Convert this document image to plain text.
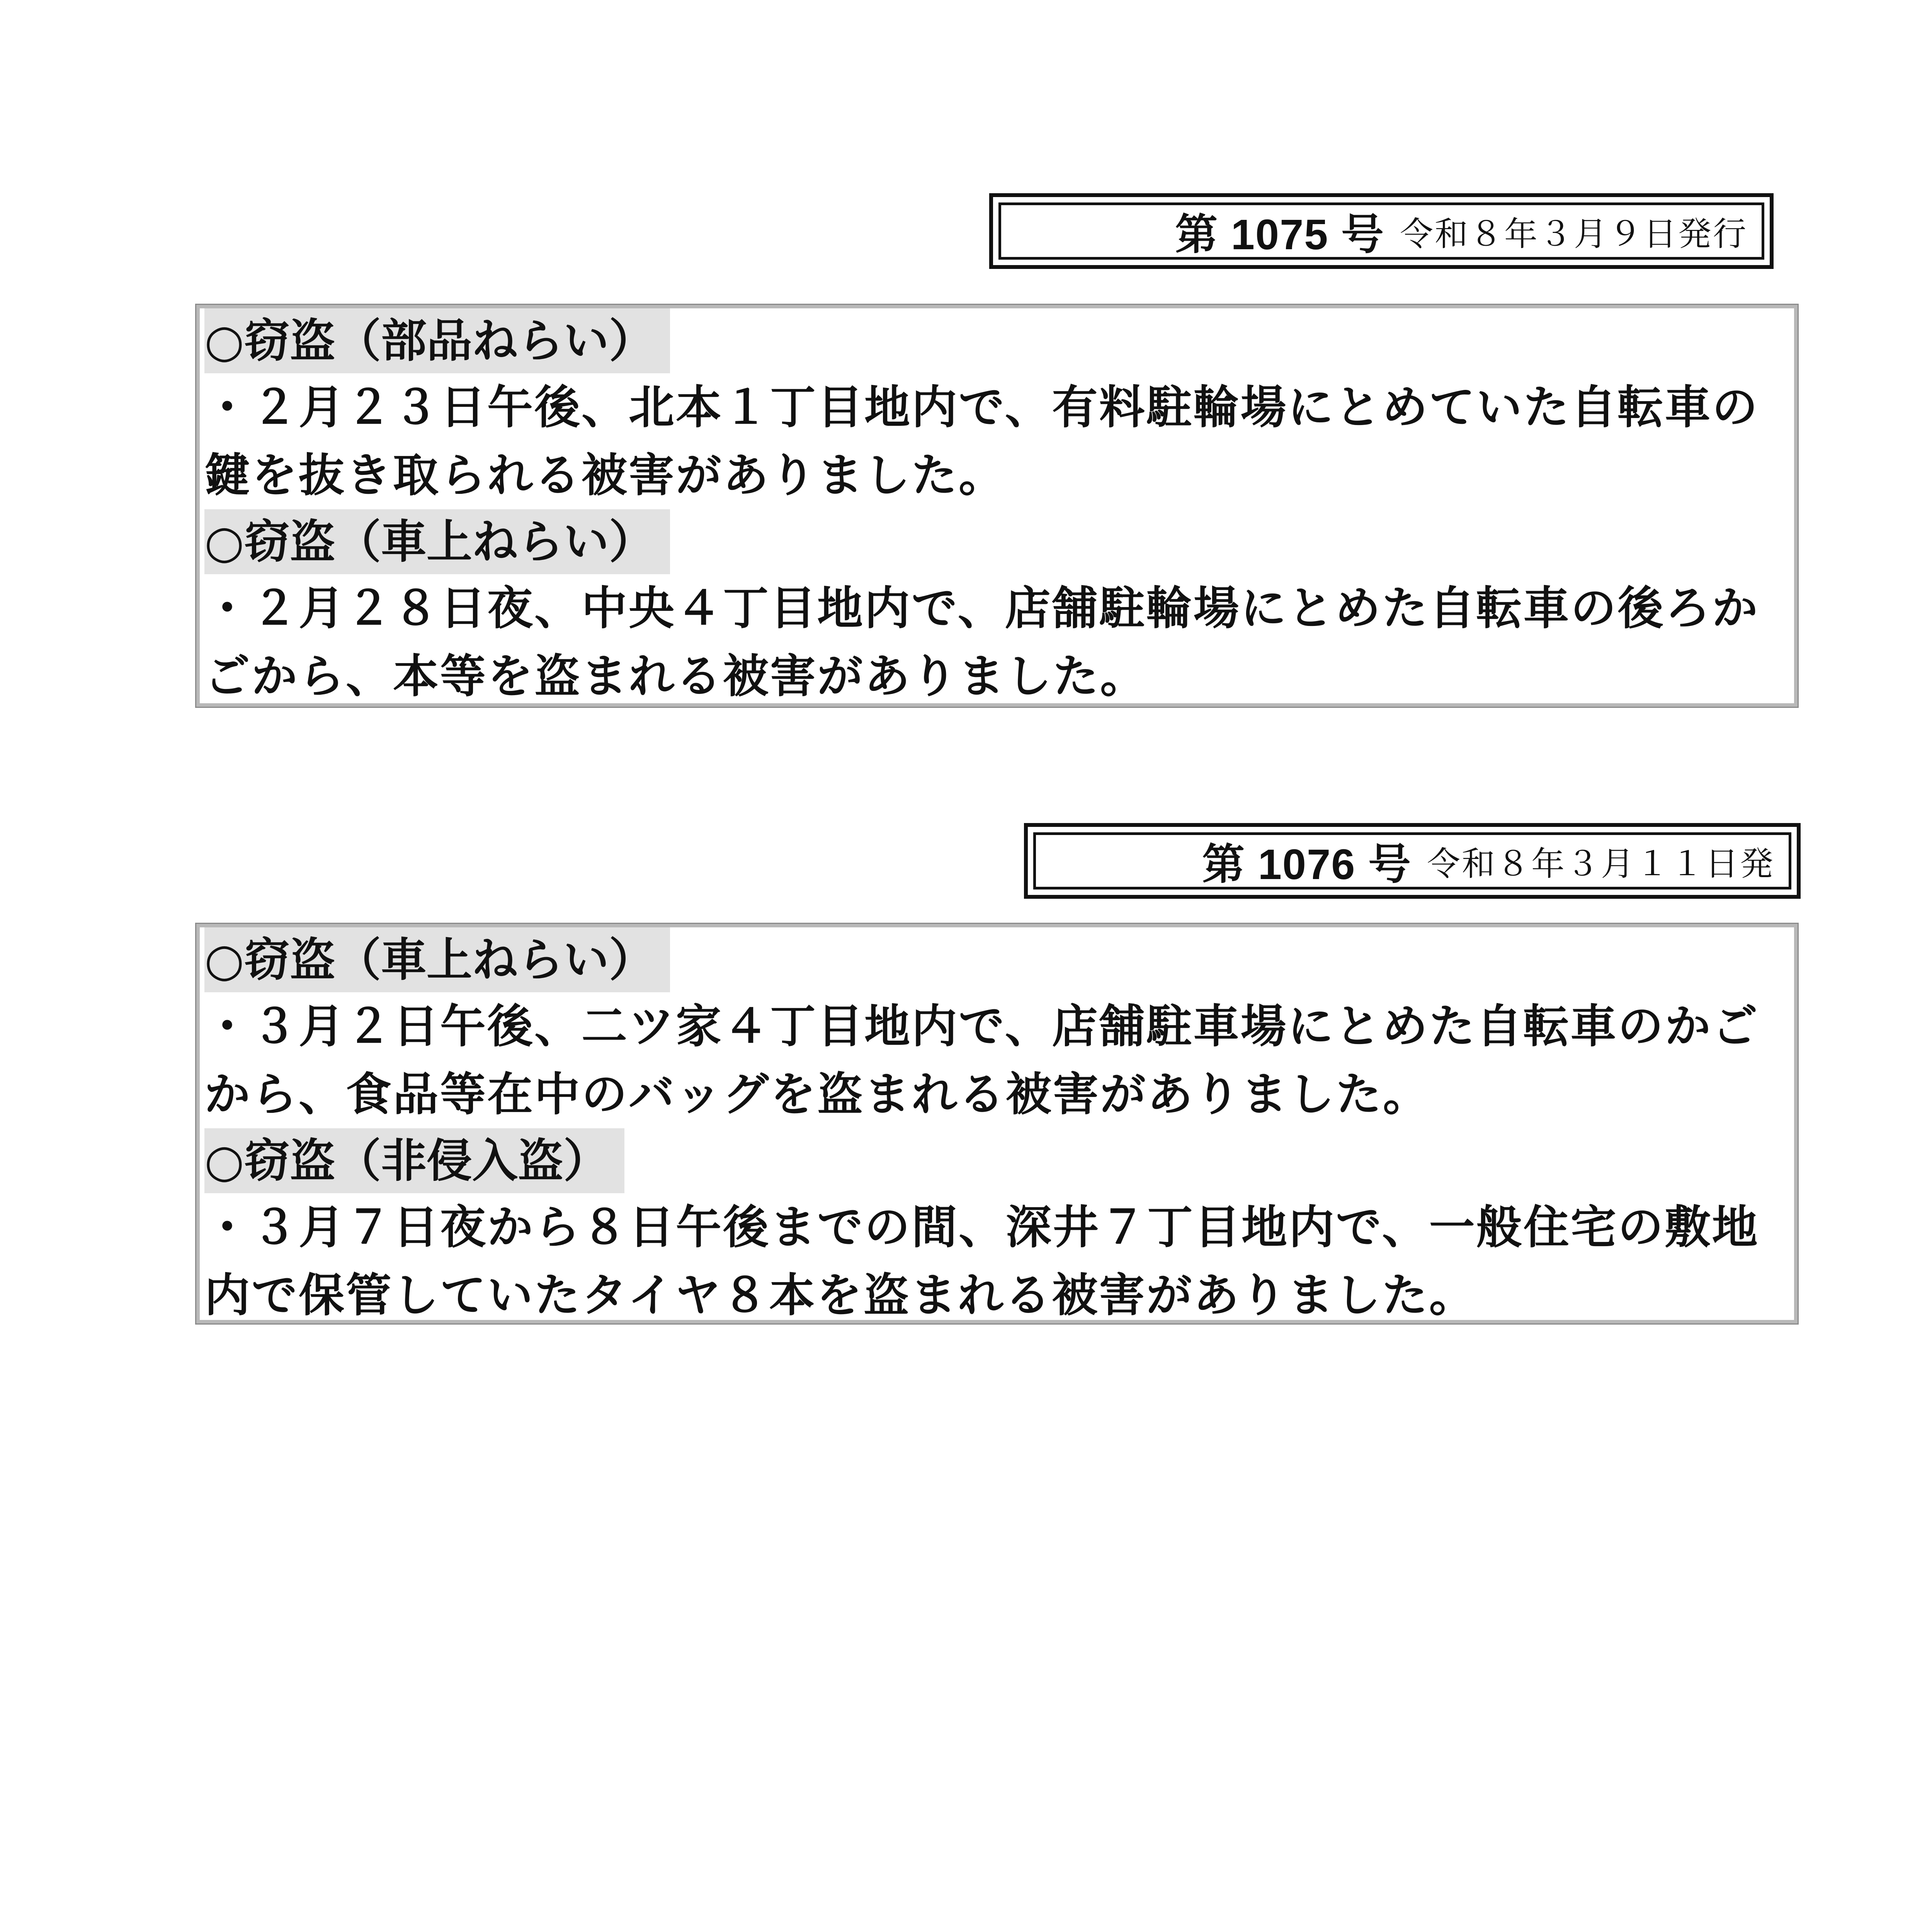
第 1075 号 令和８年３月９日発行
○窃盗（部品ねらい）
・２月２３日午後、北本１丁目地内で、有料駐輪場にとめていた自転車の鍵を抜き取られる被害がありました。
○窃盗（車上ねらい）
・２月２８日夜、中央４丁目地内で、店舗駐輪場にとめた自転車の後ろかごから、本等を盗まれる被害がありました。
第 1076 号 令和８年３月１１日発
○窃盗（車上ねらい）
・３月２日午後、二ツ家４丁目地内で、店舗駐車場にとめた自転車のかごから、食品等在中のバッグを盗まれる被害がありました。
○窃盗（非侵入盗）
・３月７日夜から８日午後までの間、深井７丁目地内で、一般住宅の敷地内で保管していたタイヤ８本を盗まれる被害がありました。
